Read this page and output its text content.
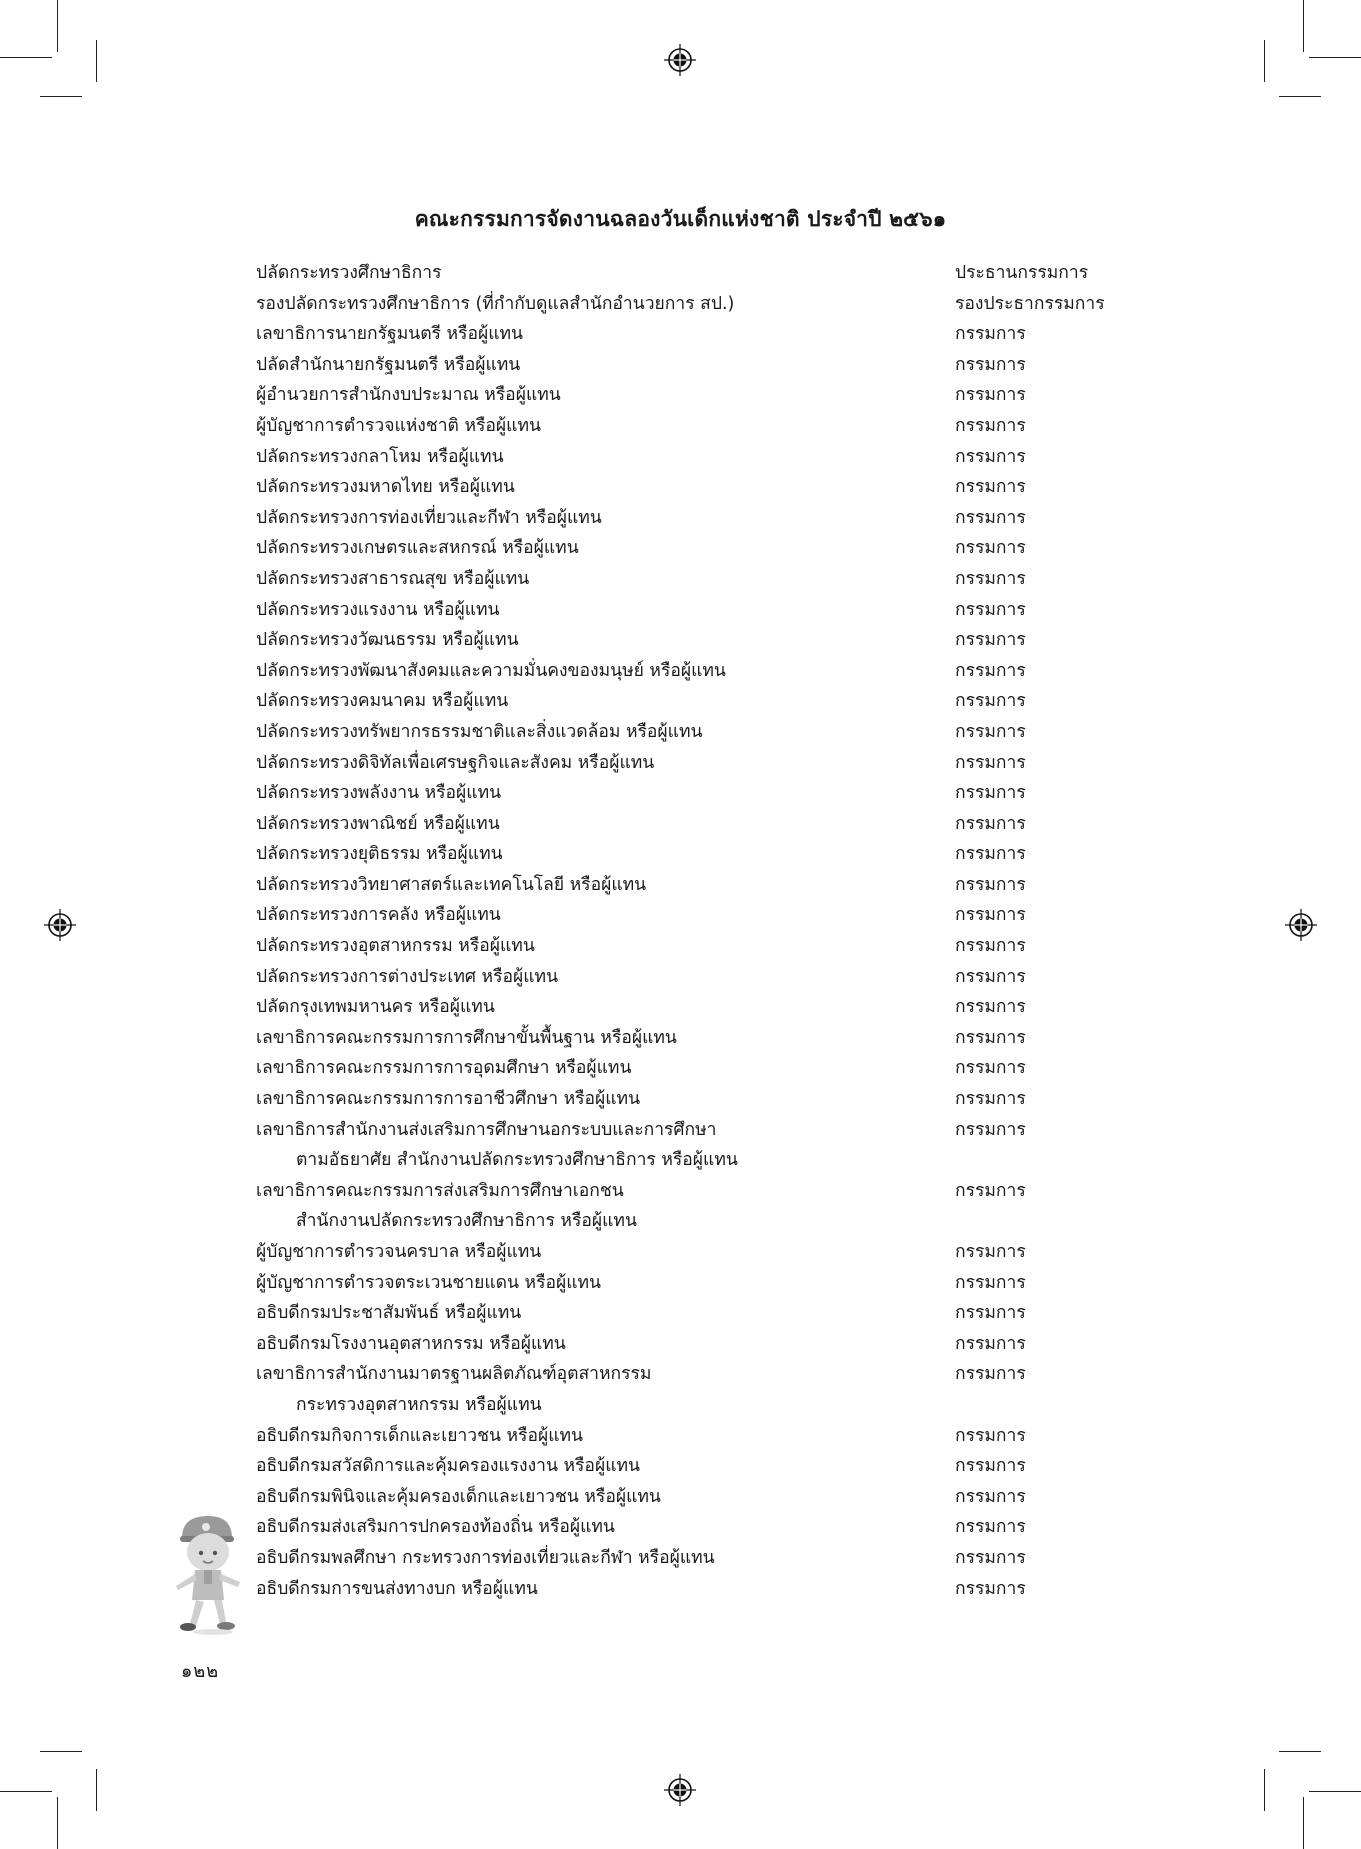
คณะกรรมการจัดงานฉลองวันเด็กแห่งชาติ ประจำปี ๒๕๖๑
ปลัดกระทรวงศึกษาธิการ	ประธานกรรมการ
รองปลัดกระทรวงศึกษาธิการ (ที่กำกับดูแลสำนักอำนวยการ สป.)	รองประธากรรมการ
เลขาธิการนายกรัฐมนตรี หรือผู้แทน	กรรมการ
ปลัดสำนักนายกรัฐมนตรี หรือผู้แทน	กรรมการ
ผู้อำนวยการสำนักงบประมาณ หรือผู้แทน	กรรมการ
ผู้บัญชาการตำรวจแห่งชาติ หรือผู้แทน	กรรมการ
ปลัดกระทรวงกลาโหม หรือผู้แทน	กรรมการ
ปลัดกระทรวงมหาดไทย หรือผู้แทน	กรรมการ
ปลัดกระทรวงการท่องเที่ยวและกีฬา หรือผู้แทน	กรรมการ
ปลัดกระทรวงเกษตรและสหกรณ์ หรือผู้แทน	กรรมการ
ปลัดกระทรวงสาธารณสุข หรือผู้แทน	กรรมการ
ปลัดกระทรวงแรงงาน หรือผู้แทน	กรรมการ
ปลัดกระทรวงวัฒนธรรม หรือผู้แทน	กรรมการ
ปลัดกระทรวงพัฒนาสังคมและความมั่นคงของมนุษย์ หรือผู้แทน	กรรมการ
ปลัดกระทรวงคมนาคม หรือผู้แทน	กรรมการ
ปลัดกระทรวงทรัพยากรธรรมชาติและสิ่งแวดล้อม หรือผู้แทน	กรรมการ
ปลัดกระทรวงดิจิทัลเพื่อเศรษฐกิจและสังคม หรือผู้แทน	กรรมการ
ปลัดกระทรวงพลังงาน หรือผู้แทน	กรรมการ
ปลัดกระทรวงพาณิชย์ หรือผู้แทน	กรรมการ
ปลัดกระทรวงยุติธรรม หรือผู้แทน	กรรมการ
ปลัดกระทรวงวิทยาศาสตร์และเทคโนโลยี หรือผู้แทน	กรรมการ
ปลัดกระทรวงการคลัง หรือผู้แทน	กรรมการ
ปลัดกระทรวงอุตสาหกรรม หรือผู้แทน	กรรมการ
ปลัดกระทรวงการต่างประเทศ หรือผู้แทน	กรรมการ
ปลัดกรุงเทพมหานคร หรือผู้แทน	กรรมการ
เลขาธิการคณะกรรมการการศึกษาขั้นพื้นฐาน หรือผู้แทน	กรรมการ
เลขาธิการคณะกรรมการการอุดมศึกษา หรือผู้แทน	กรรมการ
เลขาธิการคณะกรรมการการอาชีวศึกษา หรือผู้แทน	กรรมการ
เลขาธิการสำนักงานส่งเสริมการศึกษานอกระบบและการศึกษา	กรรมการ
ตามอัธยาศัย สำนักงานปลัดกระทรวงศึกษาธิการ หรือผู้แทน
เลขาธิการคณะกรรมการส่งเสริมการศึกษาเอกชน	กรรมการ
สำนักงานปลัดกระทรวงศึกษาธิการ หรือผู้แทน
ผู้บัญชาการตำรวจนครบาล หรือผู้แทน	กรรมการ
ผู้บัญชาการตำรวจตระเวนชายแดน หรือผู้แทน	กรรมการ
อธิบดีกรมประชาสัมพันธ์ หรือผู้แทน	กรรมการ
อธิบดีกรมโรงงานอุตสาหกรรม หรือผู้แทน	กรรมการ
เลขาธิการสำนักงานมาตรฐานผลิตภัณฑ์อุตสาหกรรม	กรรมการ
กระทรวงอุตสาหกรรม หรือผู้แทน
อธิบดีกรมกิจการเด็กและเยาวชน หรือผู้แทน	กรรมการ
อธิบดีกรมสวัสดิการและคุ้มครองแรงงาน หรือผู้แทน	กรรมการ
อธิบดีกรมพินิจและคุ้มครองเด็กและเยาวชน หรือผู้แทน	กรรมการ
อธิบดีกรมส่งเสริมการปกครองท้องถิ่น หรือผู้แทน	กรรมการ
อธิบดีกรมพลศึกษา กระทรวงการท่องเที่ยวและกีฬา หรือผู้แทน	กรรมการ
อธิบดีกรมการขนส่งทางบก หรือผู้แทน	กรรมการ
๑๒๒
